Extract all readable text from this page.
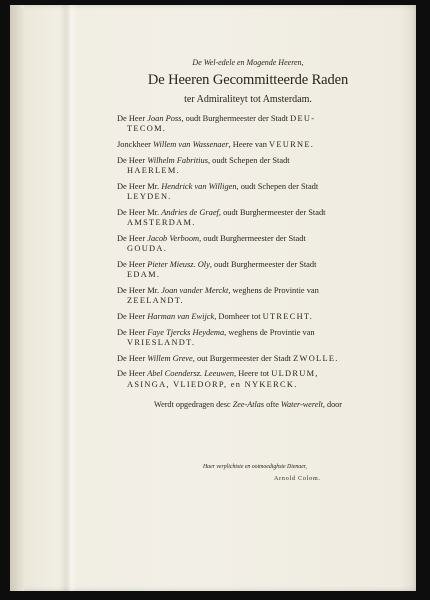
De Wel-edele en Mogende Heeren,
De Heeren Gecommitteerde Raden
ter Admiraliteyt tot Amsterdam.
De Heer Joan Poss, oudt Burghermeester der Stadt DEU-
TECOM.
Jonckheer Willem van Wassenaer, Heere van VEURNE.
De Heer Wilhelm Fabritius, oudt Schepen der Stadt
HAERLEM.
De Heer Mr. Hendrick van Willigen, oudt Schepen der Stadt
LEYDEN.
De Heer Mr. Andries de Graef, oudt Burghermeester der Stadt
AMSTERDAM.
De Heer Jacob Verboom, oudt Burghermeester der Stadt
GOUDA.
De Heer Pieter Mieusz. Oly, oudt Burghermeester der Stadt
EDAM.
De Heer Mr. Joan vander Merckt, weghens de Provintie van
ZEELANDT.
De Heer Harman van Ewijck, Domheer tot UTRECHT.
De Heer Faye Tjercks Heydema, weghens de Provintie van
VRIESLANDT.
De Heer Willem Greve, out Burgermeester der Stadt ZWOLLE.
De Heer Abel Coendersz. Leeuwen, Heere tot ULDRUM,
ASINGA, VLIEDORP, en NYKERCK.
Werdt opgedragen desc Zee-Atlas ofte Water-werelt, door
Haer verplichtste en ootmoedighste Dienaer,
Arnold Colom.
